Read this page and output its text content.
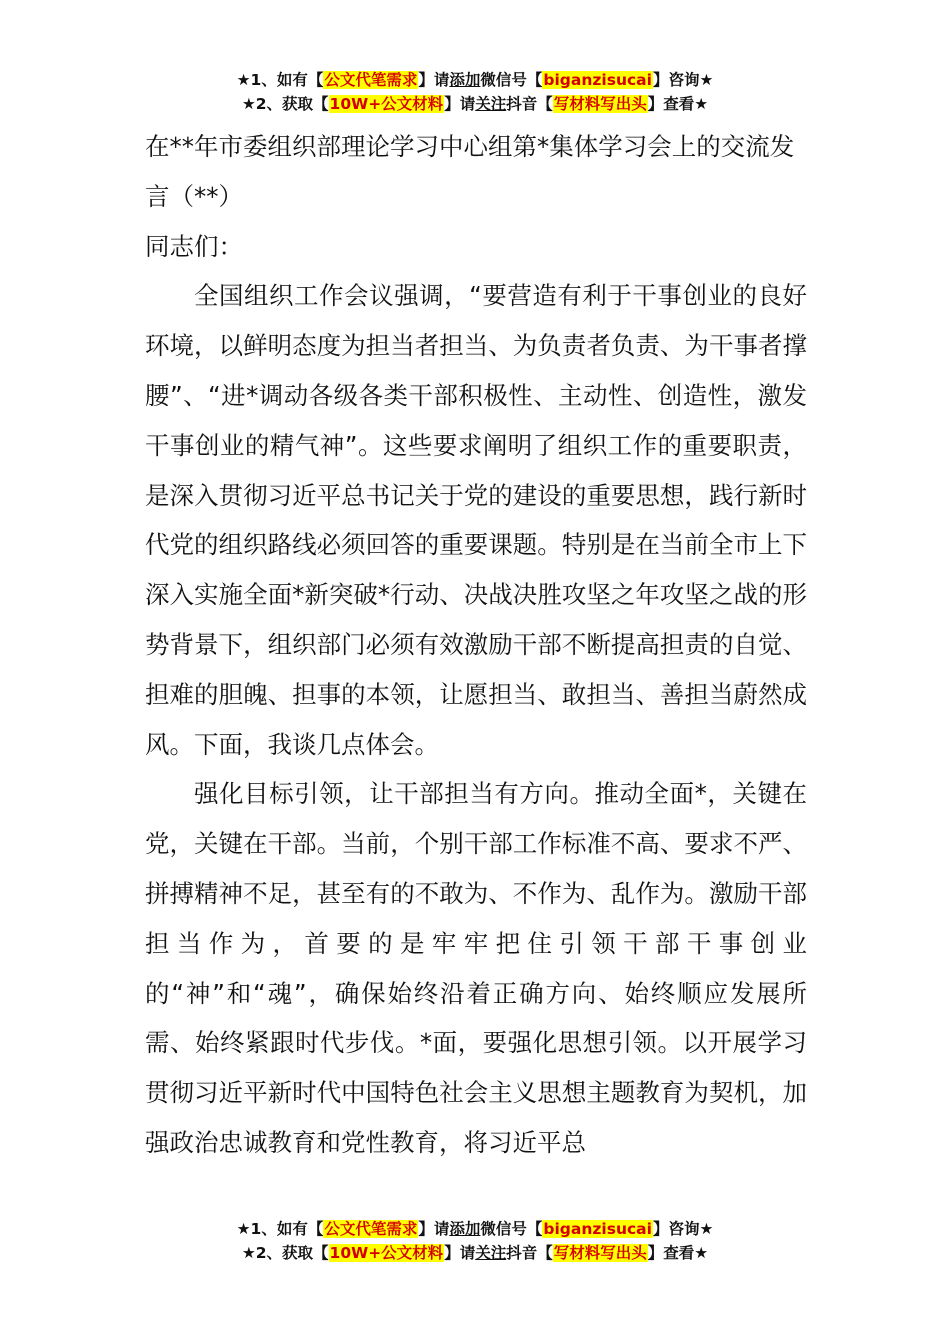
★1、如有【公文代笔需求】请添加微信号【biganzisucai】咨询★
★2、获取【10W+公文材料】请关注抖音【写材料写出头】查看★

在**年市委组织部理论学习中心组第*集体学习会上的交流发言（**）

同志们：

全国组织工作会议强调，“要营造有利于干事创业的良好环境，以鲜明态度为担当者担当、为负责者负责、为干事者撑腰”、“进*调动各级各类干部积极性、主动性、创造性，激发干事创业的精气神”。这些要求阐明了组织工作的重要职责，是深入贯彻习近平总书记关于党的建设的重要思想，践行新时代党的组织路线必须回答的重要课题。特别是在当前全市上下深入实施全面*新突破*行动、决战决胜攻坚之年攻坚之战的形势背景下，组织部门必须有效激励干部不断提高担责的自觉、担难的胆魄、担事的本领，让愿担当、敢担当、善担当蔚然成风。下面，我谈几点体会。

强化目标引领，让干部担当有方向。推动全面*，关键在党，关键在干部。当前，个别干部工作标准不高、要求不严、拼搏精神不足，甚至有的不敢为、不作为、乱作为。激励干部担当作为，首要的是牢牢把住引领干部干事创业的“神”和“魂”，确保始终沿着正确方向、始终顺应发展所需、始终紧跟时代步伐。*面，要强化思想引领。以开展学习贯彻习近平新时代中国特色社会主义思想主题教育为契机，加强政治忠诚教育和党性教育，将习近平总

★1、如有【公文代笔需求】请添加微信号【biganzisucai】咨询★
★2、获取【10W+公文材料】请关注抖音【写材料写出头】查看★
